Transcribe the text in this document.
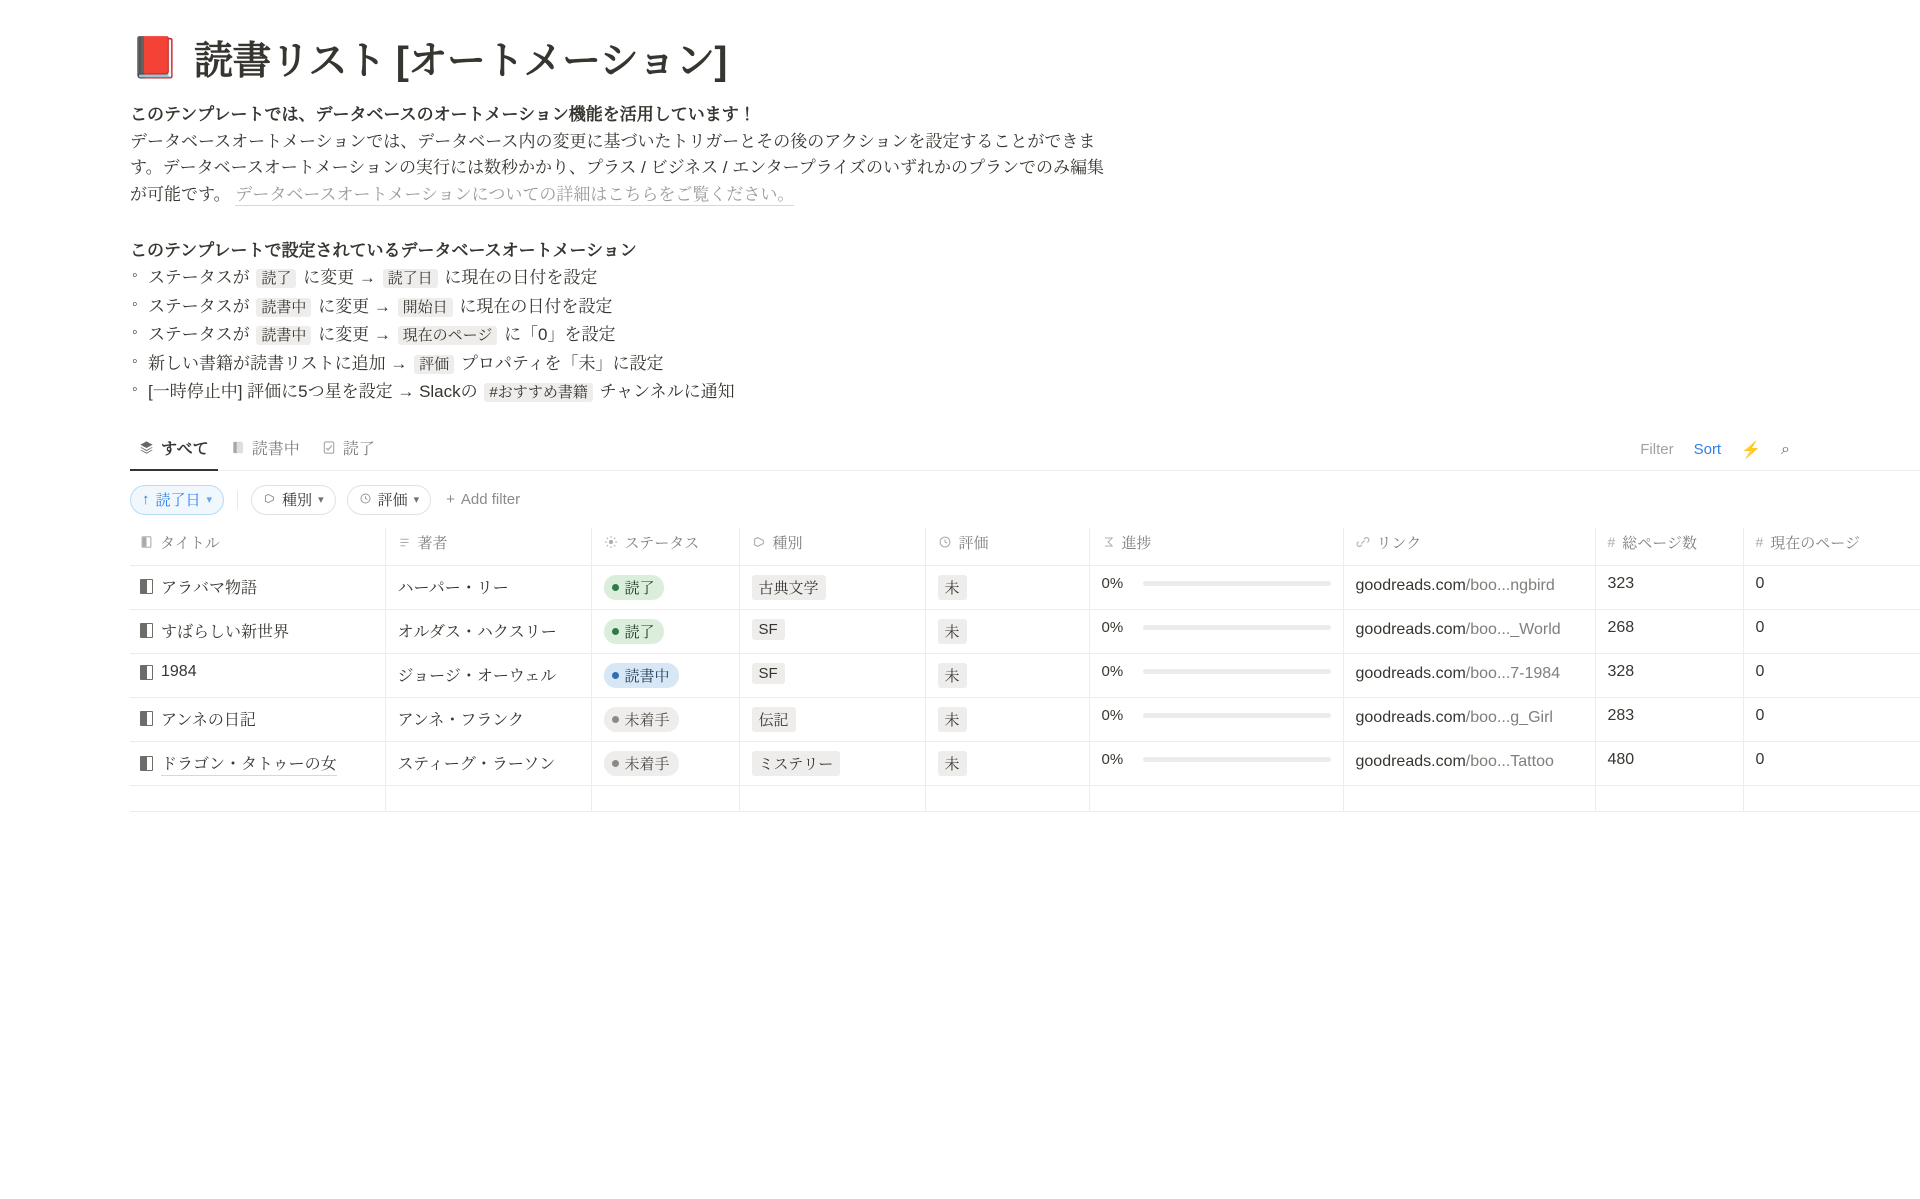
📕 読書リスト [オートメーション]
このテンプレートでは、データベースのオートメーション機能を活用しています！
データベースオートメーションでは、データベース内の変更に基づいたトリガーとその後のアクションを設定することができます。データベースオートメーションの実行には数秒かかり、プラス / ビジネス / エンタープライズのいずれかのプランでのみ編集が可能です。 データベースオートメーションについての詳細はこちらをご覧ください。
このテンプレートで設定されているデータベースオートメーション
◦ ステータスが 読了 に変更 → 読了日 に現在の日付を設定
◦ ステータスが 読書中 に変更 → 開始日 に現在の日付を設定
◦ ステータスが 読書中 に変更 → 現在のページ に「0」を設定
◦ 新しい書籍が読書リストに追加 → 評価 プロパティを「未」に設定
◦ [一時停止中] 評価に5つ星を設定 → Slackの #おすすめ書籍 チャンネルに通知
すべて	読書中	読了	Filter Sort ⚡ ⌕
↑ 読了日 ▾	種別 ▾	評価 ▾ + Add filter
タイトル	著者	ステータス	種別	評価	進捗	リンク	# 総ページ数	# 現在のページ

アラバマ物語	ハーパー・リー	読了	古典文学	未	0%	goodreads.com/boo...ngbird	323	0

すばらしい新世界	オルダス・ハクスリー	読了	SF	未	0%	goodreads.com/boo..._World	268	0

1984	ジョージ・オーウェル	読書中	SF	未	0%	goodreads.com/boo...7-1984	328	0

アンネの日記	アンネ・フランク	未着手	伝記	未	0%	goodreads.com/boo...g_Girl	283	0

ドラゴン・タトゥーの女	スティーグ・ラーソン	未着手	ミステリー	未	0%	goodreads.com/boo...Tattoo	480	0
